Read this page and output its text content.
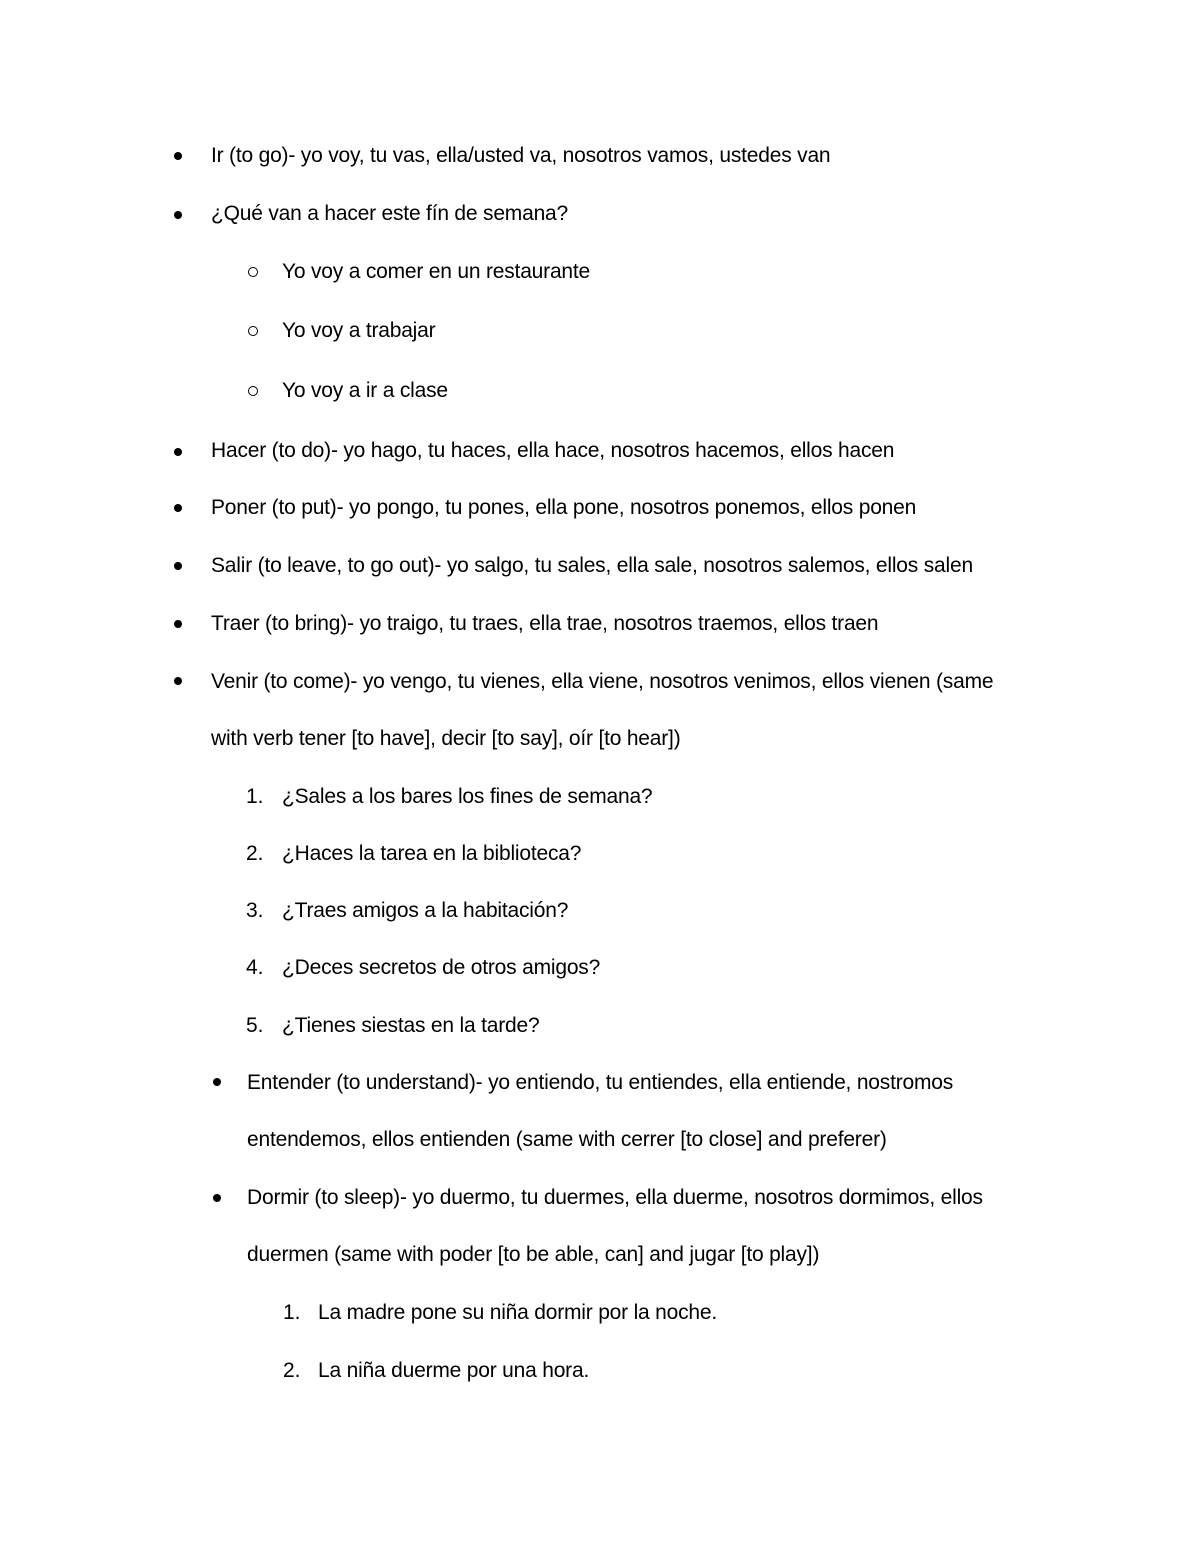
Ir (to go)- yo voy, tu vas, ella/usted va, nosotros vamos, ustedes van
¿Qué van a hacer este fín de semana?
Yo voy a comer en un restaurante
Yo voy a trabajar
Yo voy a ir a clase
Hacer (to do)- yo hago, tu haces, ella hace, nosotros hacemos, ellos hacen
Poner (to put)- yo pongo, tu pones, ella pone, nosotros ponemos, ellos ponen
Salir (to leave, to go out)- yo salgo, tu sales, ella sale, nosotros salemos, ellos salen
Traer (to bring)- yo traigo, tu traes, ella trae, nosotros traemos, ellos traen
Venir (to come)- yo vengo, tu vienes, ella viene, nosotros venimos, ellos vienen (same
with verb tener [to have], decir [to say], oír [to hear])
1. ¿Sales a los bares los fines de semana?
2. ¿Haces la tarea en la biblioteca?
3. ¿Traes amigos a la habitación?
4. ¿Deces secretos de otros amigos?
5. ¿Tienes siestas en la tarde?
Entender (to understand)- yo entiendo, tu entiendes, ella entiende, nostromos
entendemos, ellos entienden (same with cerrer [to close] and preferer)
Dormir (to sleep)- yo duermo, tu duermes, ella duerme, nosotros dormimos, ellos
duermen (same with poder [to be able, can] and jugar [to play])
1. La madre pone su niña dormir por la noche.
2. La niña duerme por una hora.
